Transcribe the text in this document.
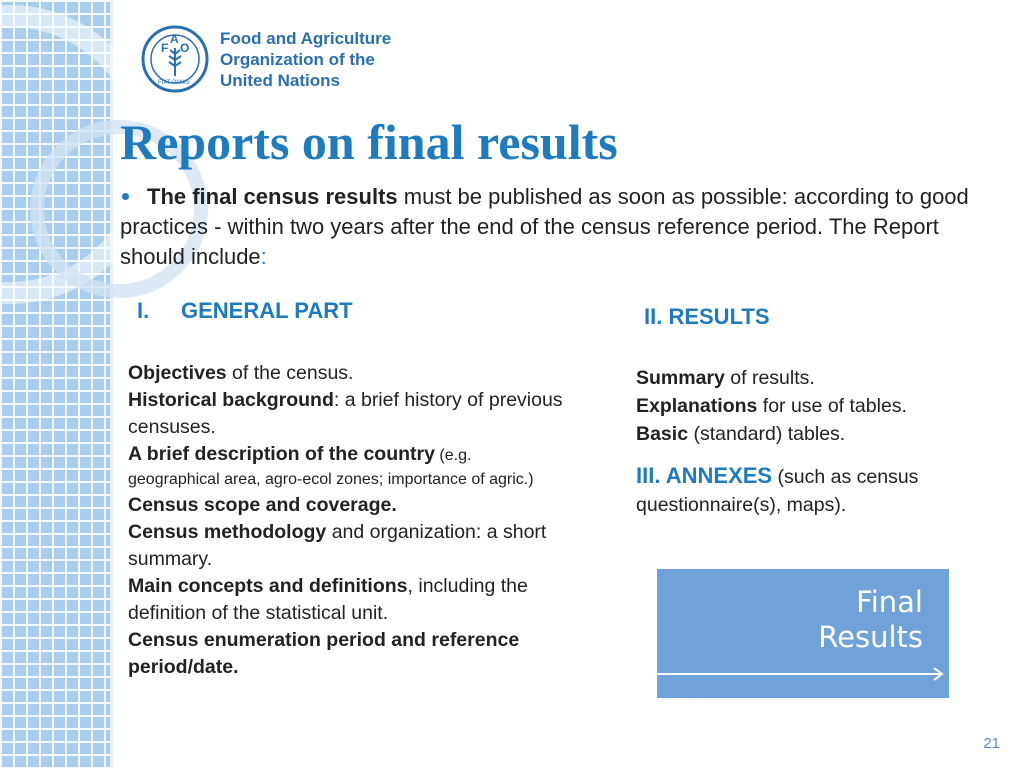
F
A
O
FIAT PANIS
Food and Agriculture
Organization of the
United Nations
Reports on final results
The final census results must be published as soon as possible: according to good practices - within two years after the end of the census reference period. The Report should include:
I. GENERAL PART	II. RESULTS
Objectives of the census.
Historical background: a brief history of previous censuses.
A brief description of the country (e.g.
geographical area, agro-ecol zones; importance of agric.)
Census scope and coverage.
Census methodology and organization: a short summary.
Main concepts and definitions, including the definition of the statistical unit.
Census enumeration period and reference period/date.
Summary of results.
Explanations for use of tables.
Basic (standard) tables.
III. ANNEXES (such as census questionnaire(s), maps).
Final
Results
21
